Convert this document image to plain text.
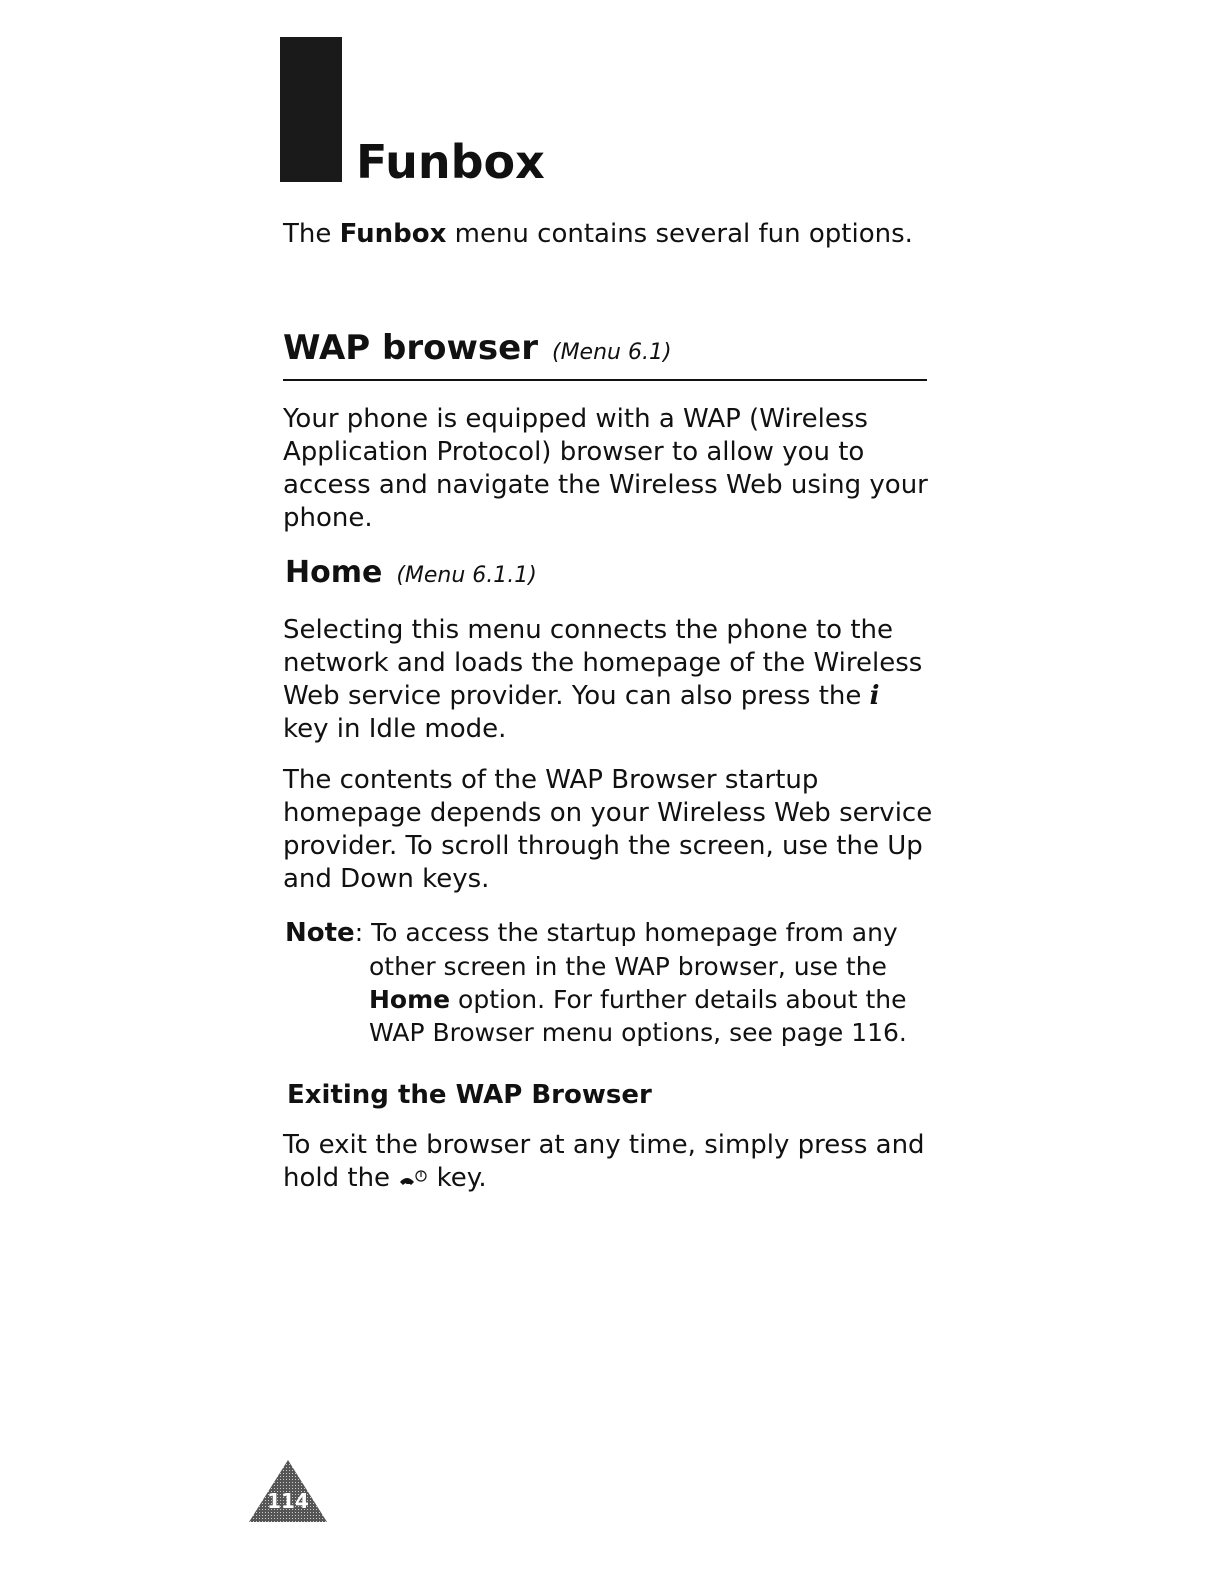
Funbox

The Funbox menu contains several fun options.

WAP browser (Menu 6.1)

Your phone is equipped with a WAP (Wireless Application Protocol) browser to allow you to access and navigate the Wireless Web using your phone.

Home (Menu 6.1.1)

Selecting this menu connects the phone to the network and loads the homepage of the Wireless Web service provider. You can also press the i key in Idle mode.

The contents of the WAP Browser startup homepage depends on your Wireless Web service provider. To scroll through the screen, use the Up and Down keys.

Note: To access the startup homepage from any other screen in the WAP browser, use the Home option. For further details about the WAP Browser menu options, see page 116.
Exiting the WAP Browser

To exit the browser at any time, simply press and hold the  key.

114
